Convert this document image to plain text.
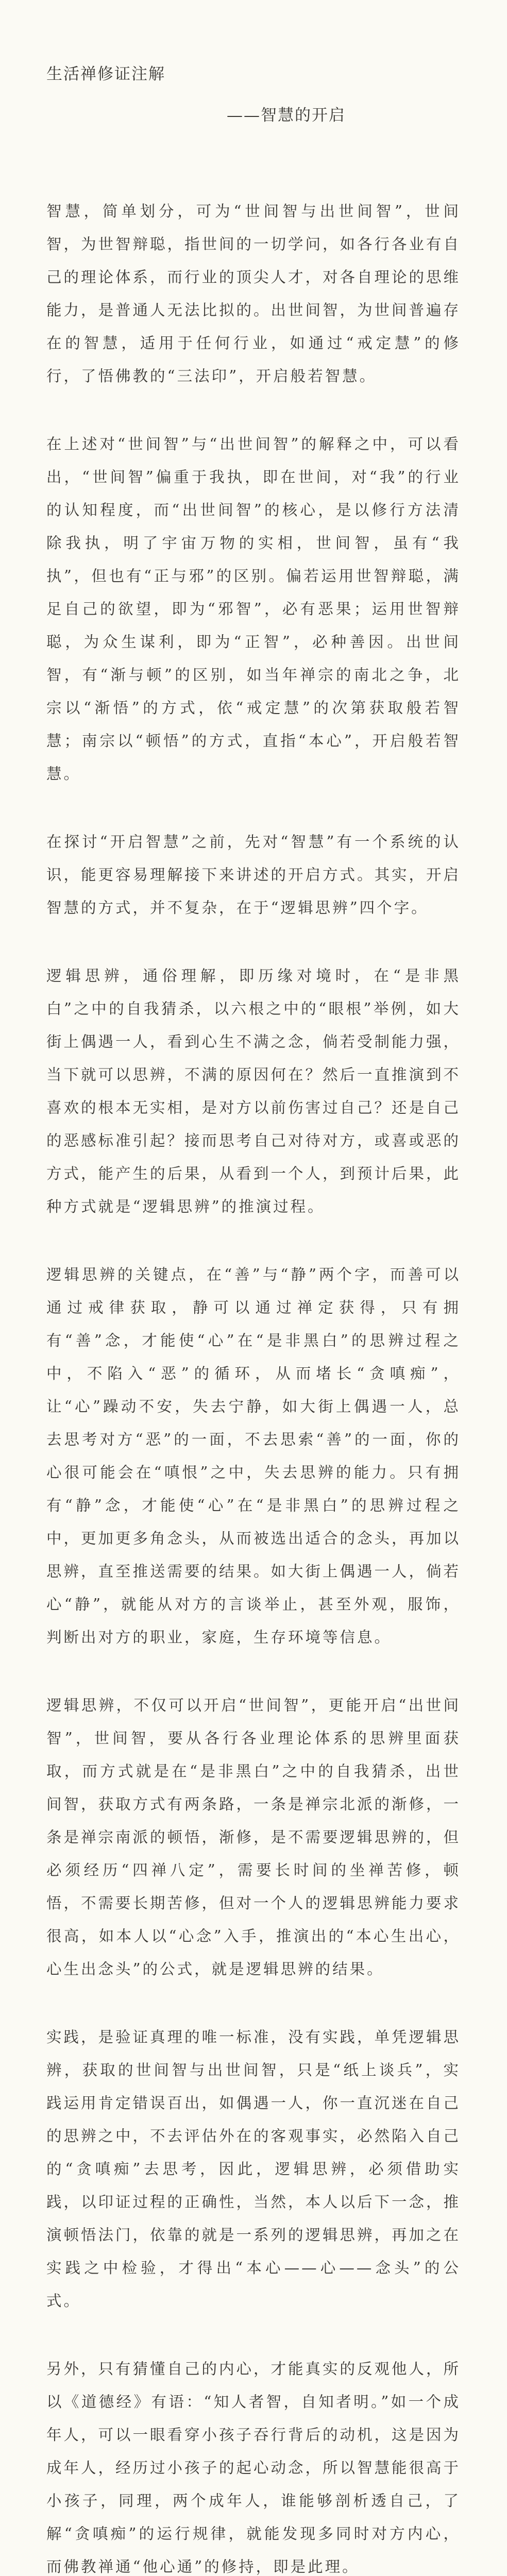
生活禅修证注解
——智慧的开启

智慧，简单划分，可为“世间智与出世间智”，世间智，为世智辩聪，指世间的一切学问，如各行各业有自己的理论体系，而行业的顶尖人才，对各自理论的思维能力，是普通人无法比拟的。出世间智，为世间普遍存在的智慧，适用于任何行业，如通过“戒定慧”的修行，了悟佛教的“三法印”，开启般若智慧。

在上述对“世间智”与“出世间智”的解释之中，可以看出，“世间智”偏重于我执，即在世间，对“我”的行业的认知程度，而“出世间智”的核心，是以修行方法清除我执，明了宇宙万物的实相，世间智，虽有“我执”，但也有“正与邪”的区别。偏若运用世智辩聪，满足自己的欲望，即为“邪智”，必有恶果；运用世智辩聪，为众生谋利，即为“正智”，必种善因。出世间智，有“渐与顿”的区别，如当年禅宗的南北之争，北宗以“渐悟”的方式，依“戒定慧”的次第获取般若智慧；南宗以“顿悟”的方式，直指“本心”，开启般若智慧。

在探讨“开启智慧”之前，先对“智慧”有一个系统的认识，能更容易理解接下来讲述的开启方式。其实，开启智慧的方式，并不复杂，在于“逻辑思辨”四个字。

逻辑思辨，通俗理解，即历缘对境时，在“是非黑白”之中的自我猜杀，以六根之中的“眼根”举例，如大街上偶遇一人，看到心生不满之念，倘若受制能力强，当下就可以思辨，不满的原因何在？然后一直推演到不喜欢的根本无实相，是对方以前伤害过自己？还是自己的恶感标准引起？接而思考自己对待对方，或喜或恶的方式，能产生的后果，从看到一个人，到预计后果，此种方式就是“逻辑思辨”的推演过程。

逻辑思辨的关键点，在“善”与“静”两个字，而善可以通过戒律获取，静可以通过禅定获得，只有拥有“善”念，才能使“心”在“是非黑白”的思辨过程之中，不陷入“恶”的循环，从而堵长“贪嗔痴”，让“心”躁动不安，失去宁静，如大街上偶遇一人，总去思考对方“恶”的一面，不去思索“善”的一面，你的心很可能会在“嗔恨”之中，失去思辨的能力。只有拥有“静”念，才能使“心”在“是非黑白”的思辨过程之中，更加更多角念头，从而被选出适合的念头，再加以思辨，直至推送需要的结果。如大街上偶遇一人，倘若心“静”，就能从对方的言谈举止，甚至外观，服饰，判断出对方的职业，家庭，生存环境等信息。

逻辑思辨，不仅可以开启“世间智”，更能开启“出世间智”，世间智，要从各行各业理论体系的思辨里面获取，而方式就是在“是非黑白”之中的自我猜杀，出世间智，获取方式有两条路，一条是禅宗北派的渐修，一条是禅宗南派的顿悟，渐修，是不需要逻辑思辨的，但必须经历“四禅八定”，需要长时间的坐禅苦修，顿悟，不需要长期苦修，但对一个人的逻辑思辨能力要求很高，如本人以“心念”入手，推演出的“本心生出心，心生出念头”的公式，就是逻辑思辨的结果。

实践，是验证真理的唯一标准，没有实践，单凭逻辑思辨，获取的世间智与出世间智，只是“纸上谈兵”，实践运用肯定错误百出，如偶遇一人，你一直沉迷在自己的思辨之中，不去评估外在的客观事实，必然陷入自己的“贪嗔痴”去思考，因此，逻辑思辨，必须借助实践，以印证过程的正确性，当然，本人以后下一念，推演顿悟法门，依靠的就是一系列的逻辑思辨，再加之在实践之中检验，才得出“本心——心——念头”的公式。

另外，只有猜懂自己的内心，才能真实的反观他人，所以《道德经》有语：“知人者智，自知者明。”如一个成年人，可以一眼看穿小孩子吞行背后的动机，这是因为成年人，经历过小孩子的起心动念，所以智慧能很高于小孩子，同理，两个成年人，谁能够剖析透自己，了解“贪嗔痴”的运行规律，就能发现多同时对方内心，而佛教禅通“他心通”的修持，即是此理。
